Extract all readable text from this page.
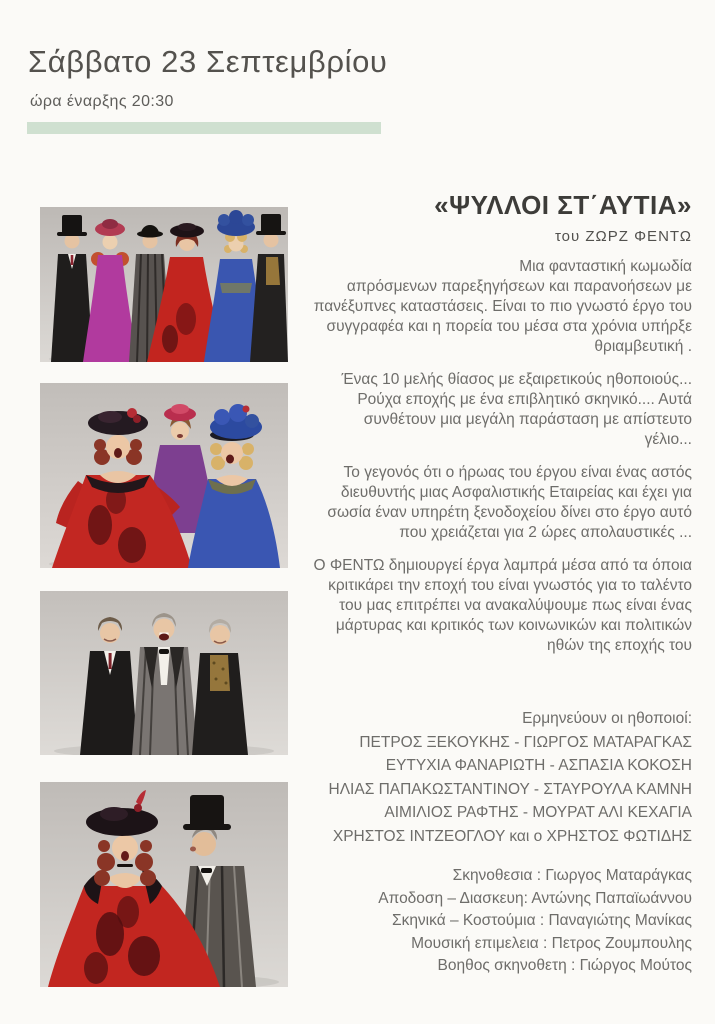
Σάββατο 23 Σεπτεμβρίου
ώρα έναρξης 20:30
«ΨΥΛΛΟΙ ΣΤ΄ΑΥΤΙΑ»
του ΖΩΡΖ ΦΕΝΤΩ
Μια φανταστική κωμωδία
απρόσμενων παρεξηγήσεων και παρανοήσεων με
πανέξυπνες καταστάσεις. Είναι το πιο γνωστό έργο του
συγγραφέα και η πορεία του μέσα στα χρόνια υπήρξε
θριαμβευτική .
Ένας 10 μελής θίασος με εξαιρετικούς ηθοποιούς...
Ρούχα εποχής με ένα επιβλητικό σκηνικό.... Αυτά
συνθέτουν μια μεγάλη παράσταση με απίστευτο
γέλιο...
Το γεγονός ότι ο ήρωας του έργου είναι ένας αστός
διευθυντής μιας Ασφαλιστικής Εταιρείας και έχει για
σωσία έναν υπηρέτη ξενοδοχείου δίνει στο έργο αυτό
που χρειάζεται για 2 ώρες απολαυστικές ...
Ο ΦΕΝΤΩ δημιουργεί έργα λαμπρά μέσα από τα όποια
κριτικάρει την εποχή του είναι γνωστός για το ταλέντο
του μας επιτρέπει να ανακαλύψουμε πως είναι ένας
μάρτυρας και κριτικός των κοινωνικών και πολιτικών
ηθών της εποχής του
Ερμηνεύουν οι ηθοποιοί:
ΠΕΤΡΟΣ ΞΕΚΟΥΚΗΣ - ΓΙΩΡΓΟΣ ΜΑΤΑΡΑΓΚΑΣ
ΕΥΤΥΧΙΑ ΦΑΝΑΡΙΩΤΗ - ΑΣΠΑΣΙΑ ΚΟΚΟΣΗ
ΗΛΙΑΣ ΠΑΠΑΚΩΣΤΑΝΤΙΝΟΥ - ΣΤΑΥΡΟΥΛΑ ΚΑΜΝΗ
ΑΙΜΙΛΙΟΣ ΡΑΦΤΗΣ - ΜΟΥΡΑΤ ΑΛΙ ΚΕΧΑΓΙΑ
ΧΡΗΣΤΟΣ ΙΝΤΖΕΟΓΛΟΥ και ο ΧΡΗΣΤΟΣ ΦΩΤΙΔΗΣ
Σκηνοθεσια : Γιωργος Ματαράγκας
Αποδοση – Διασκευη: Αντώνης Παπαϊωάννου
Σκηνικά – Κοστούμια : Παναγιώτης Μανίκας
Μουσική επιμελεια : Πετρος Ζουμπουλης
Βοηθος σκηνοθετη : Γιώργος Μούτος
